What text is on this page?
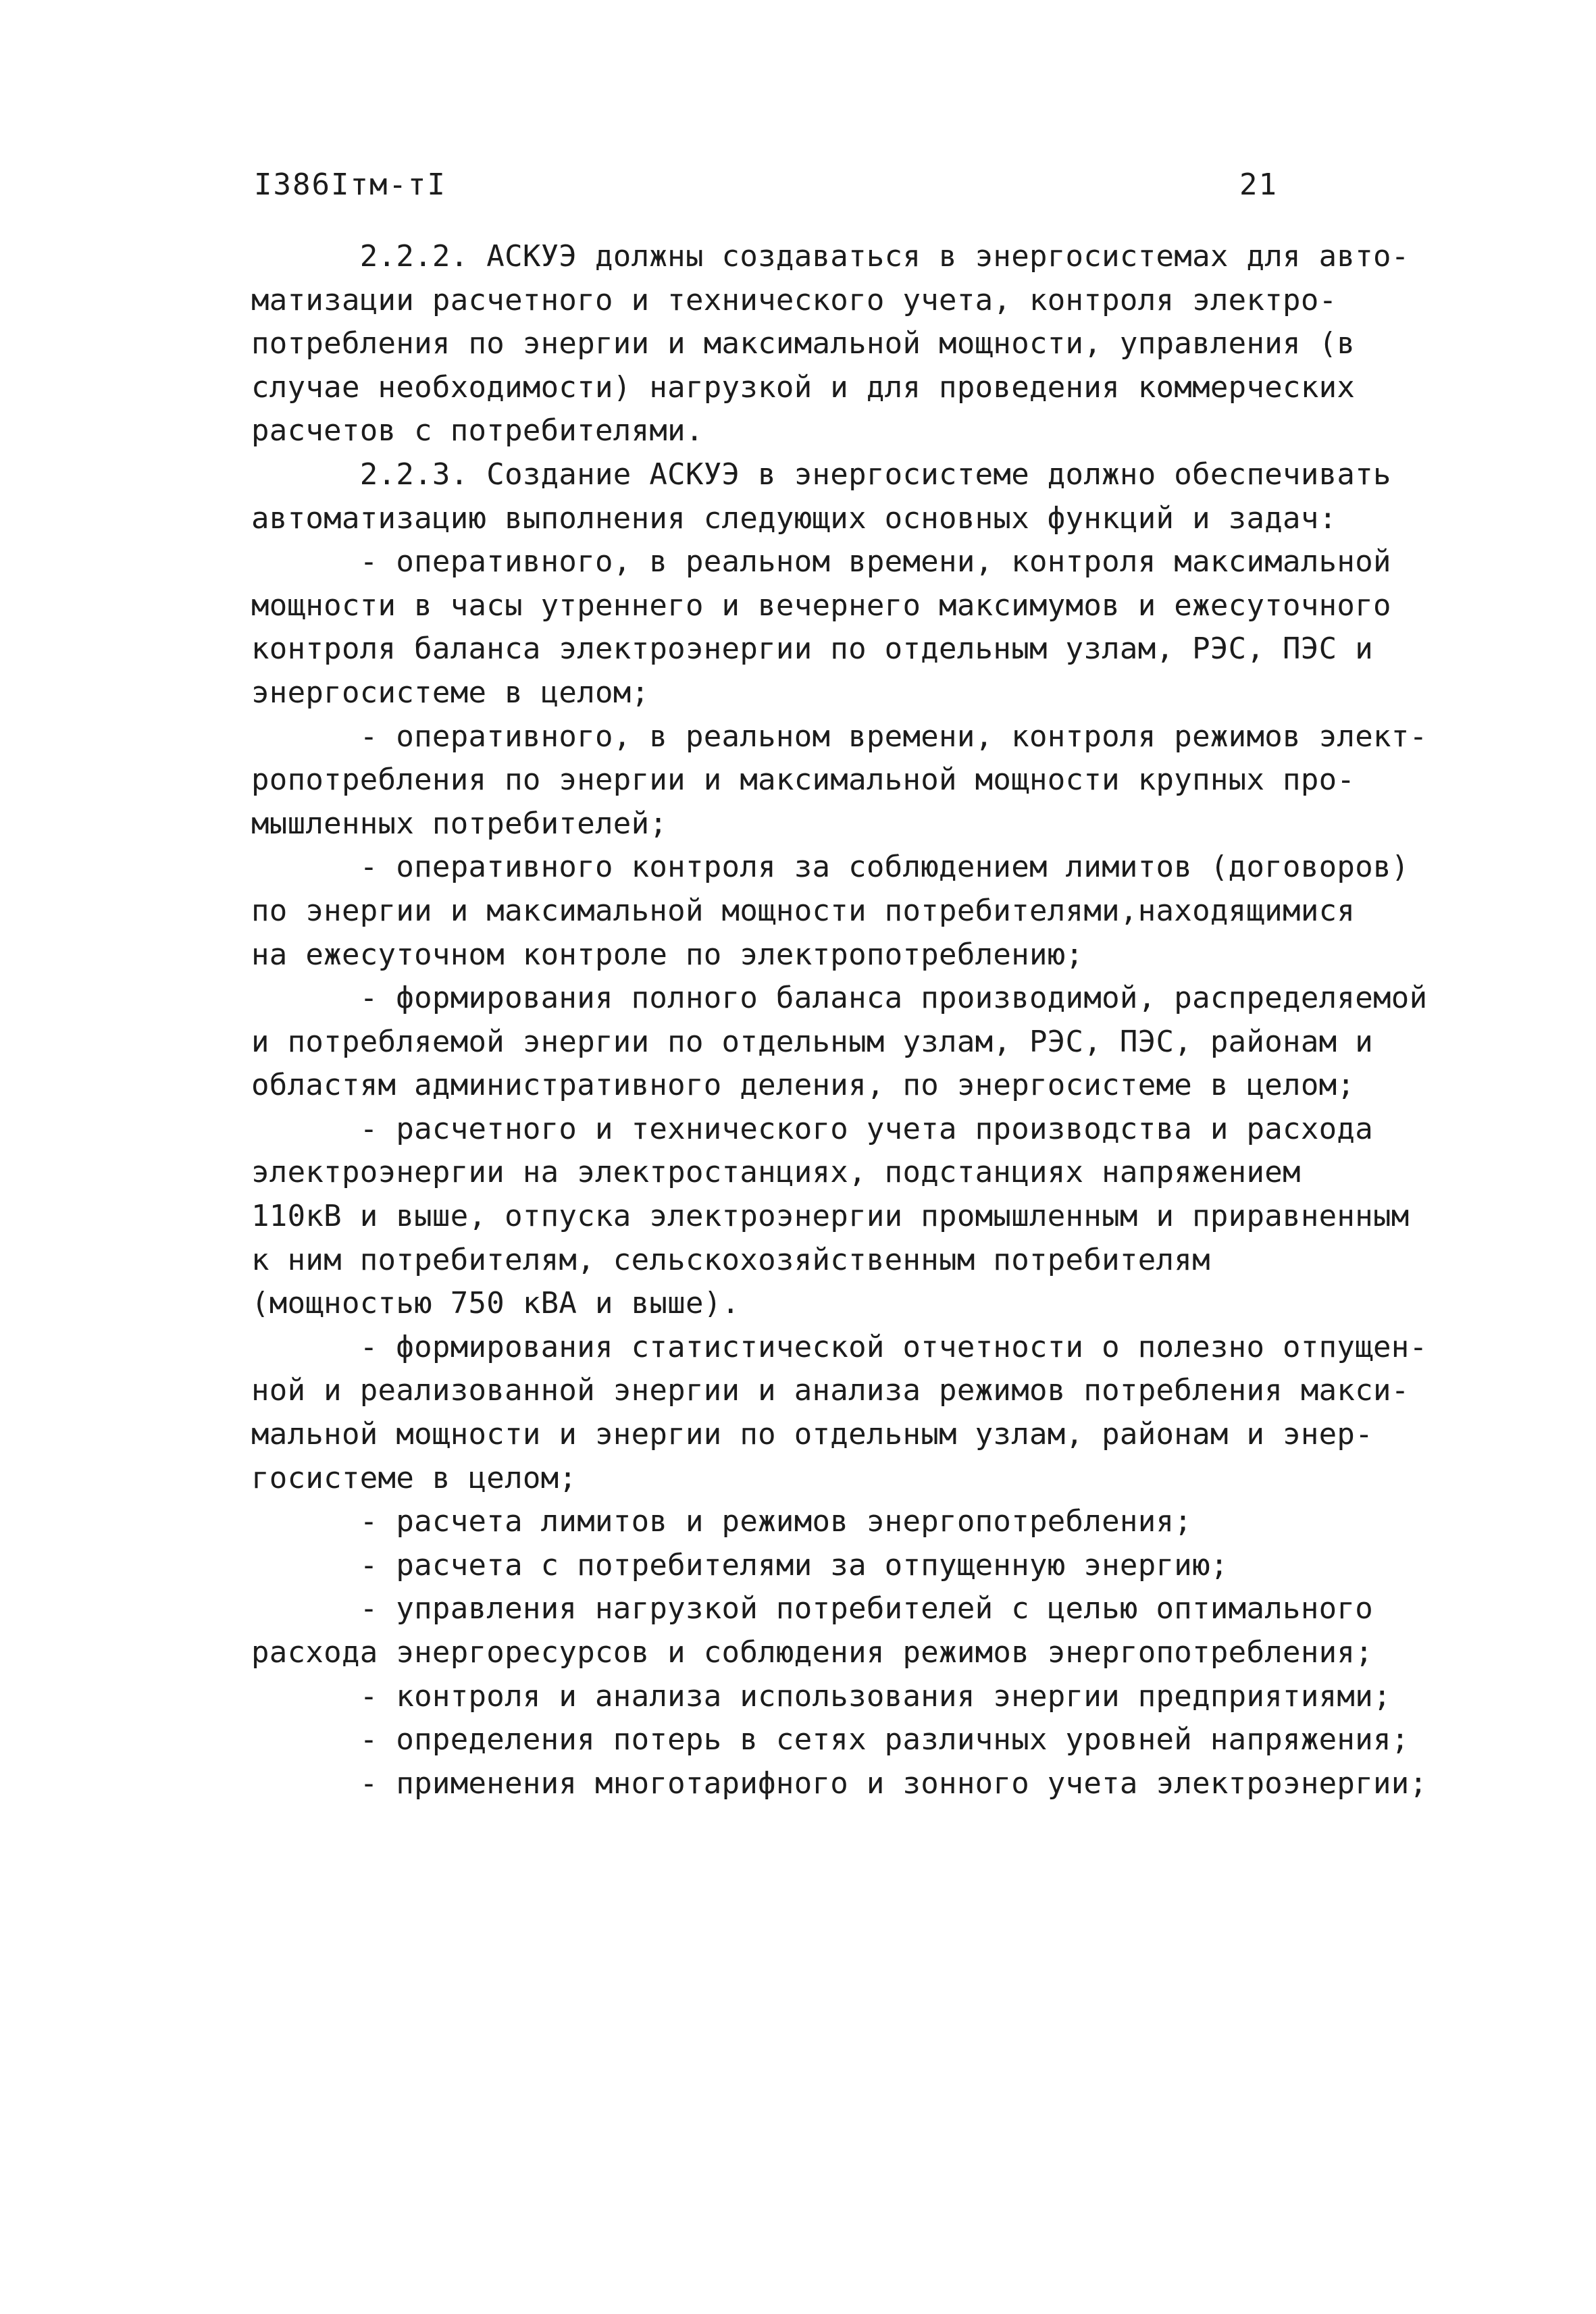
I386Iтм-тI	21
2.2.2. АСКУЭ должны создаваться в энергосистемах для авто-
матизации расчетного и технического учета, контроля электро-
потребления по энергии и максимальной мощности, управления (в
случае необходимости) нагрузкой и для проведения коммерческих
расчетов с потребителями.
2.2.3. Создание АСКУЭ в энергосистеме должно обеспечивать
автоматизацию выполнения следующих основных функций и задач:
- оперативного, в реальном времени, контроля максимальной
мощности в часы утреннего и вечернего максимумов и ежесуточного
контроля баланса электроэнергии по отдельным узлам, РЭС, ПЭС и
энергосистеме в целом;
- оперативного, в реальном времени, контроля режимов элект-
ропотребления по энергии и максимальной мощности крупных про-
мышленных потребителей;
- оперативного контроля за соблюдением лимитов (договоров)
по энергии и максимальной мощности потребителями,находящимися
на ежесуточном контроле по электропотреблению;
- формирования полного баланса производимой, распределяемой
и потребляемой энергии по отдельным узлам, РЭС, ПЭС, районам и
областям административного деления, по энергосистеме в целом;
- расчетного и технического учета производства и расхода
электроэнергии на электростанциях, подстанциях напряжением
110кВ и выше, отпуска электроэнергии промышленным и приравненным
к ним потребителям, сельскохозяйственным потребителям
(мощностью 750 кВА и выше).
- формирования статистической отчетности о полезно отпущен-
ной и реализованной энергии и анализа режимов потребления макси-
мальной мощности и энергии по отдельным узлам, районам и энер-
госистеме в целом;
- расчета лимитов и режимов энергопотребления;
- расчета с потребителями за отпущенную энергию;
- управления нагрузкой потребителей с целью оптимального
расхода энергоресурсов и соблюдения режимов энергопотребления;
- контроля и анализа использования энергии предприятиями;
- определения потерь в сетях различных уровней напряжения;
- применения многотарифного и зонного учета электроэнергии;
